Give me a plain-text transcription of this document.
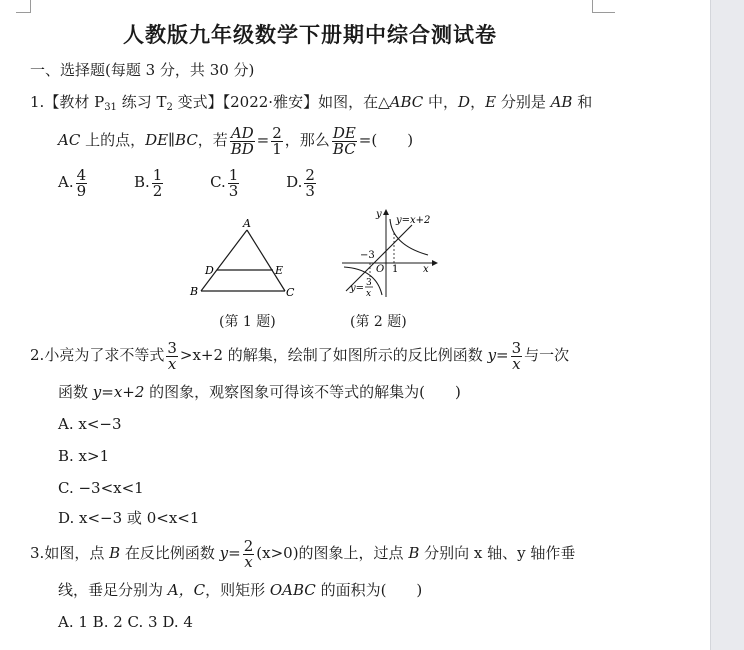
人教版九年级数学下册期中综合测试卷
一、选择题(每题 3 分，共 30 分)
1.【教材 $P_{31}$ 练习 $T_2$ 变式】【2022·雅安】如图，在△ABC 中，D，E 分别是 AB 和
AC 上的点，DE∥BC，若 $\frac{AD}{BD} = \frac{2}{1}$ ，那么 $\frac{DE}{BC}$ =(　　)
A. $\frac{4}{9}$	B. $\frac{1}{2}$	C. $\frac{1}{3}$	D. $\frac{2}{3}$
A
B	C
D	E
(第 1 题)
y
x
O
−3
1
y=x+2
y= 3
x
(第 2 题)
2.小亮为了求不等式 $\frac{3}{x} >x+2$ 的解集，绘制了如图所示的反比例函数 $y= \frac{3}{x}$ 与一次
函数 y=x+2 的图象，观察图象可得该不等式的解集为(　　)
A. x<−3
B. x>1
C. −3<x<1
D. x<−3 或 0<x<1
3.如图，点 B 在反比例函数 $y= \frac{2}{x} (x>0)$的图象上，过点 B 分别向 x 轴、y 轴作垂
线，垂足分别为 A，C，则矩形 OABC 的面积为(　　)
A. 1 B. 2 C. 3 D. 4
